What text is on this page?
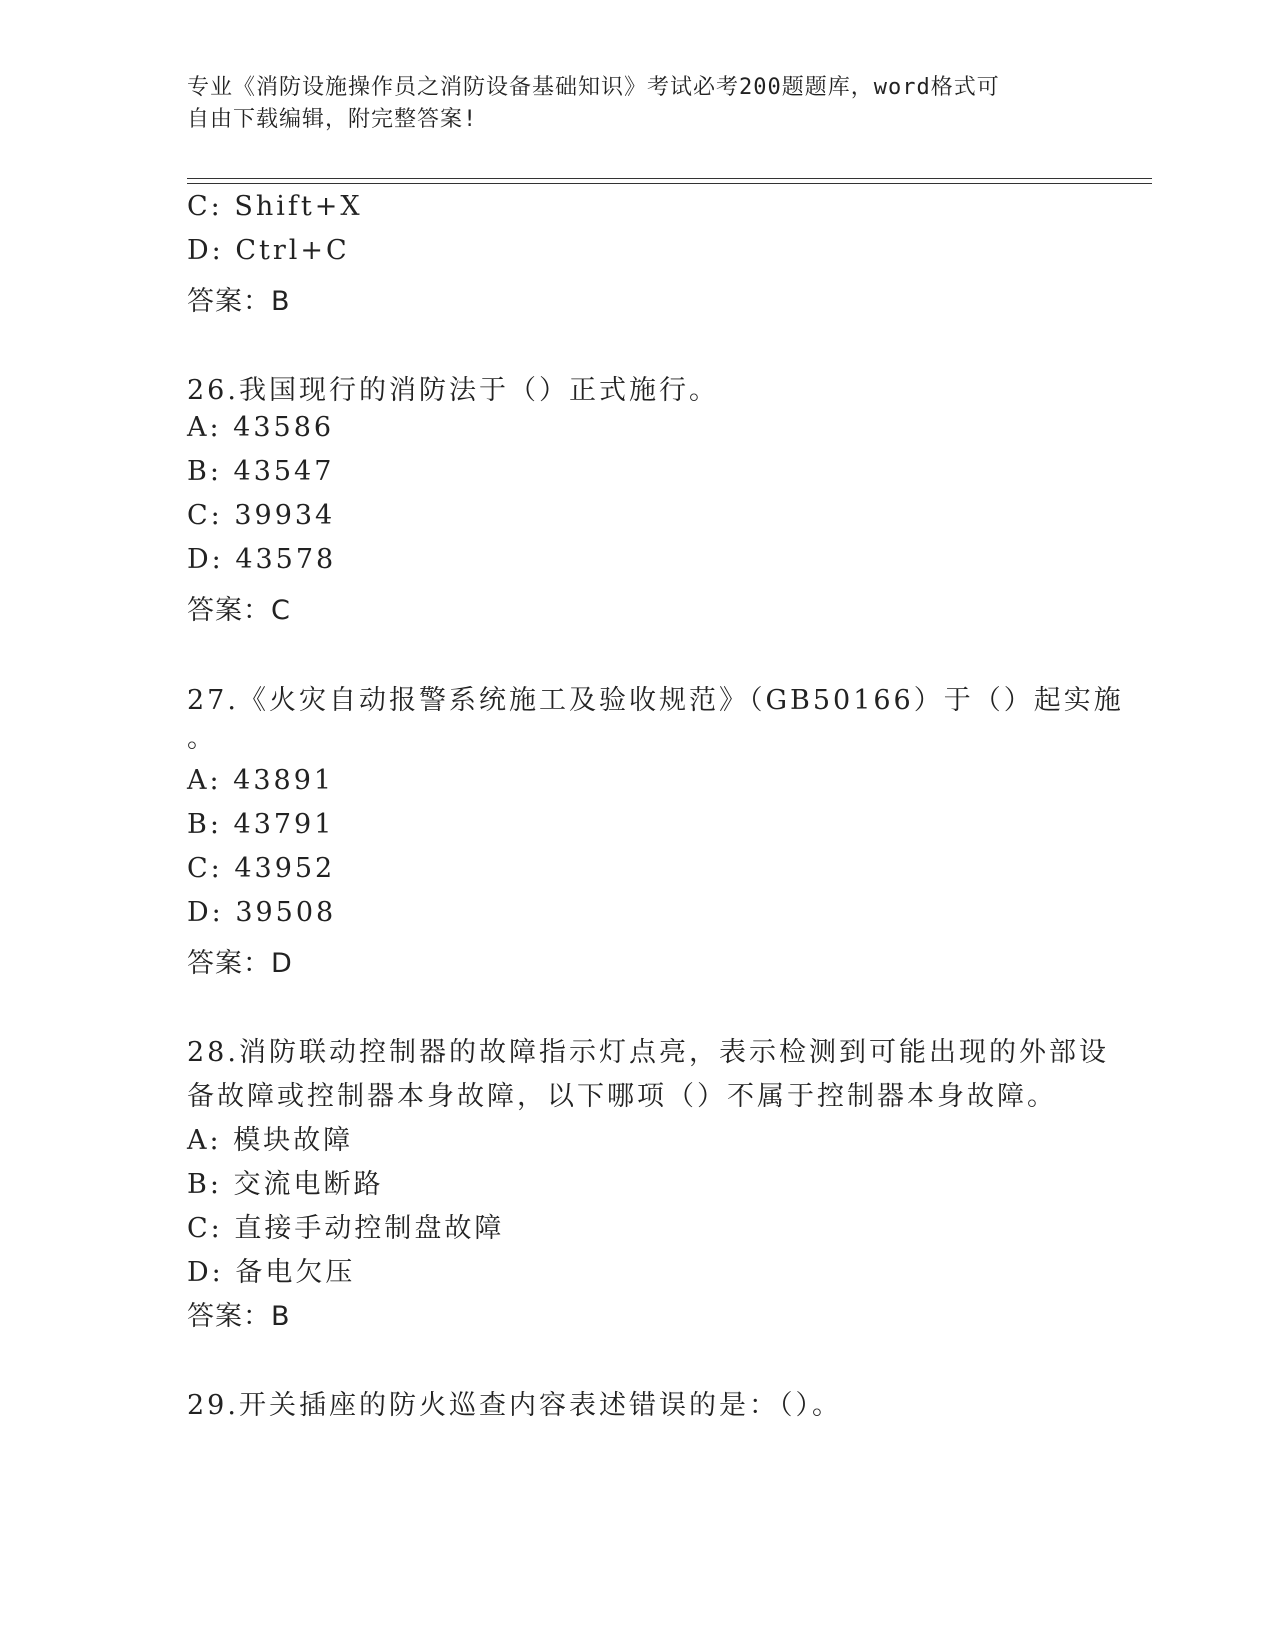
专业《消防设施操作员之消防设备基础知识》考试必考200题题库，word格式可
自由下载编辑，附完整答案!
C: Shift+X
D: Ctrl+C
答案：B
26.我国现行的消防法于（）正式施行。
A: 43586
B: 43547
C: 39934
D: 43578
答案：C
27.《火灾自动报警系统施工及验收规范》（GB50166）于（）起实施
。
A: 43891
B: 43791
C: 43952
D: 39508
答案：D
28.消防联动控制器的故障指示灯点亮，表示检测到可能出现的外部设
备故障或控制器本身故障，以下哪项（）不属于控制器本身故障。
A: 模块故障
B: 交流电断路
C: 直接手动控制盘故障
D: 备电欠压
答案：B
29.开关插座的防火巡查内容表述错误的是：（）。
